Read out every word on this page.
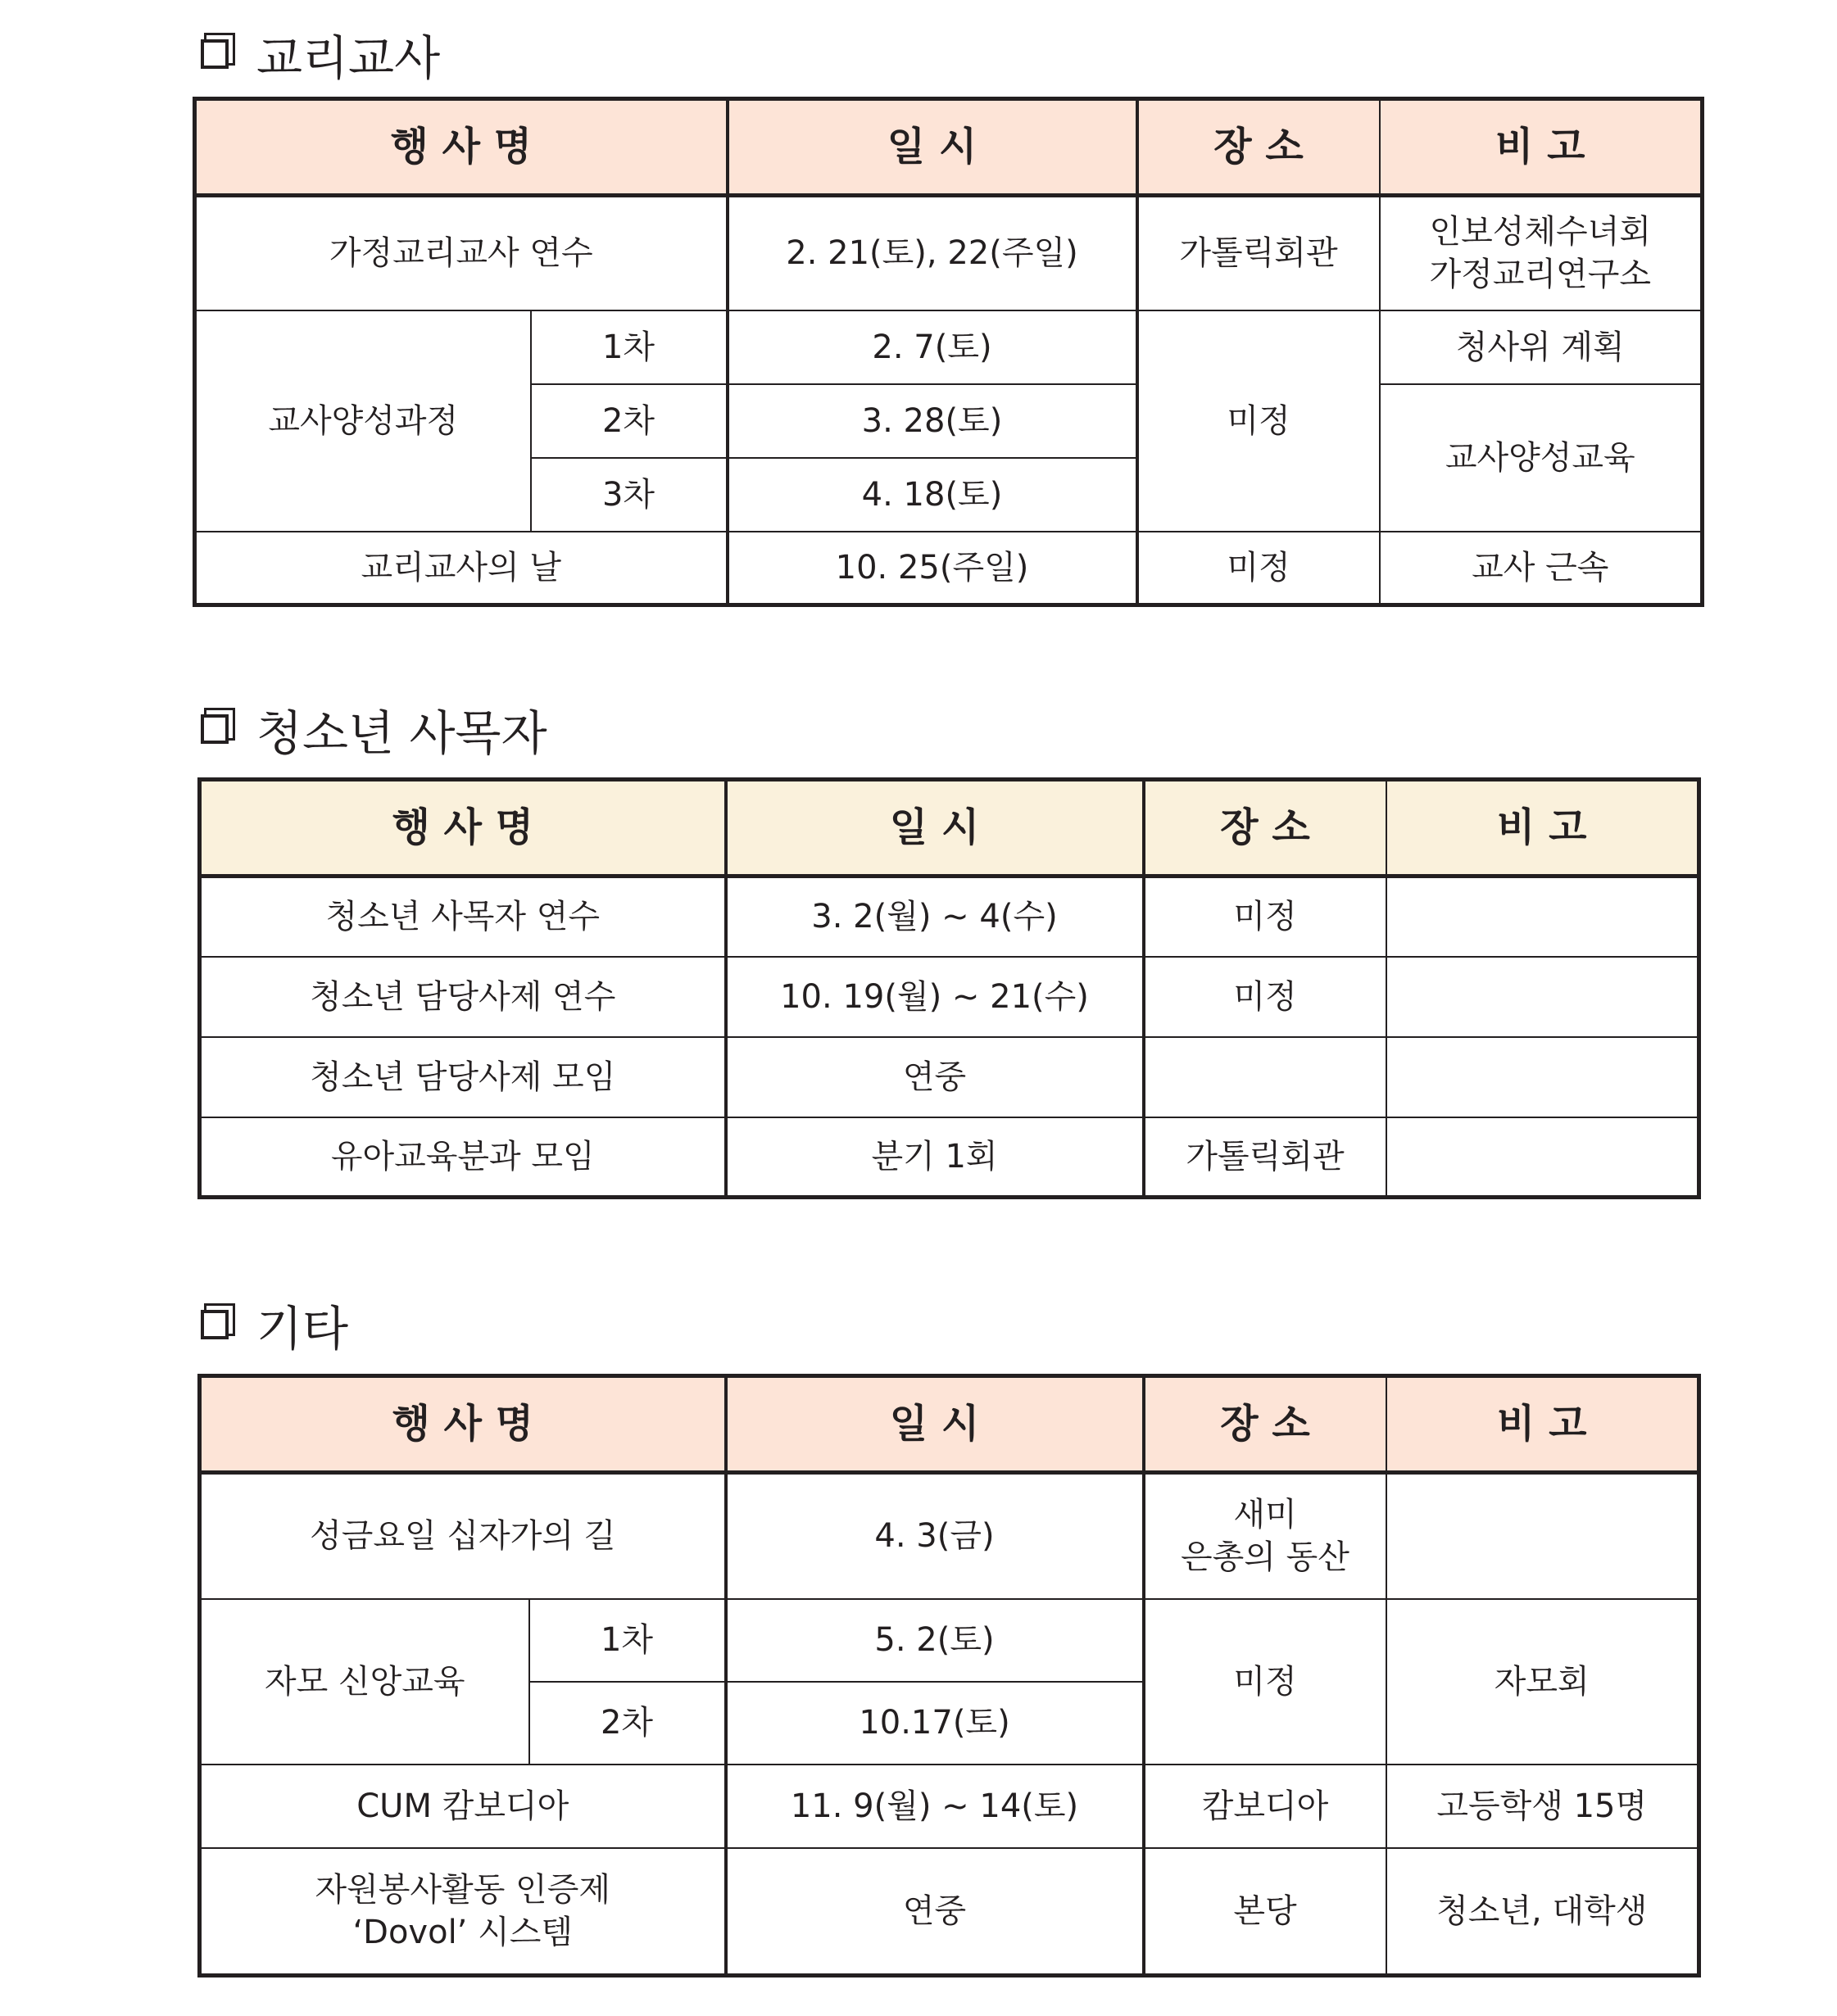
교리교사
행 사 명		일 시	장 소	비 고
가정교리교사 연수		2. 21(토), 22(주일)	가톨릭회관	인보성체수녀회
가정교리연구소

교사양성과정	1차	2. 7(토)	미정	청사위 계획
	2차	3. 28(토)		교사양성교육
	3차	4. 18(토)		
교리교사의 날		10. 25(주일)	미정	교사 근속
청소년 사목자
행 사 명	일 시	장 소	비 고
청소년 사목자 연수	3. 2(월) ~ 4(수)	미정	
청소년 담당사제 연수	10. 19(월) ~ 21(수)	미정	
청소년 담당사제 모임	연중		
유아교육분과 모임	분기 1회	가톨릭회관	
기타
행 사 명		일 시	장 소	비 고
성금요일 십자가의 길		4. 3(금)	새미
은총의 동산	

자모 신앙교육	1차	5. 2(토)	미정	자모회
	2차	10.17(토)		
CUM 캄보디아		11. 9(월) ~ 14(토)	캄보디아	고등학생 15명

자원봉사활동 인증제
‘Dovol’ 시스템		연중	본당	청소년, 대학생
